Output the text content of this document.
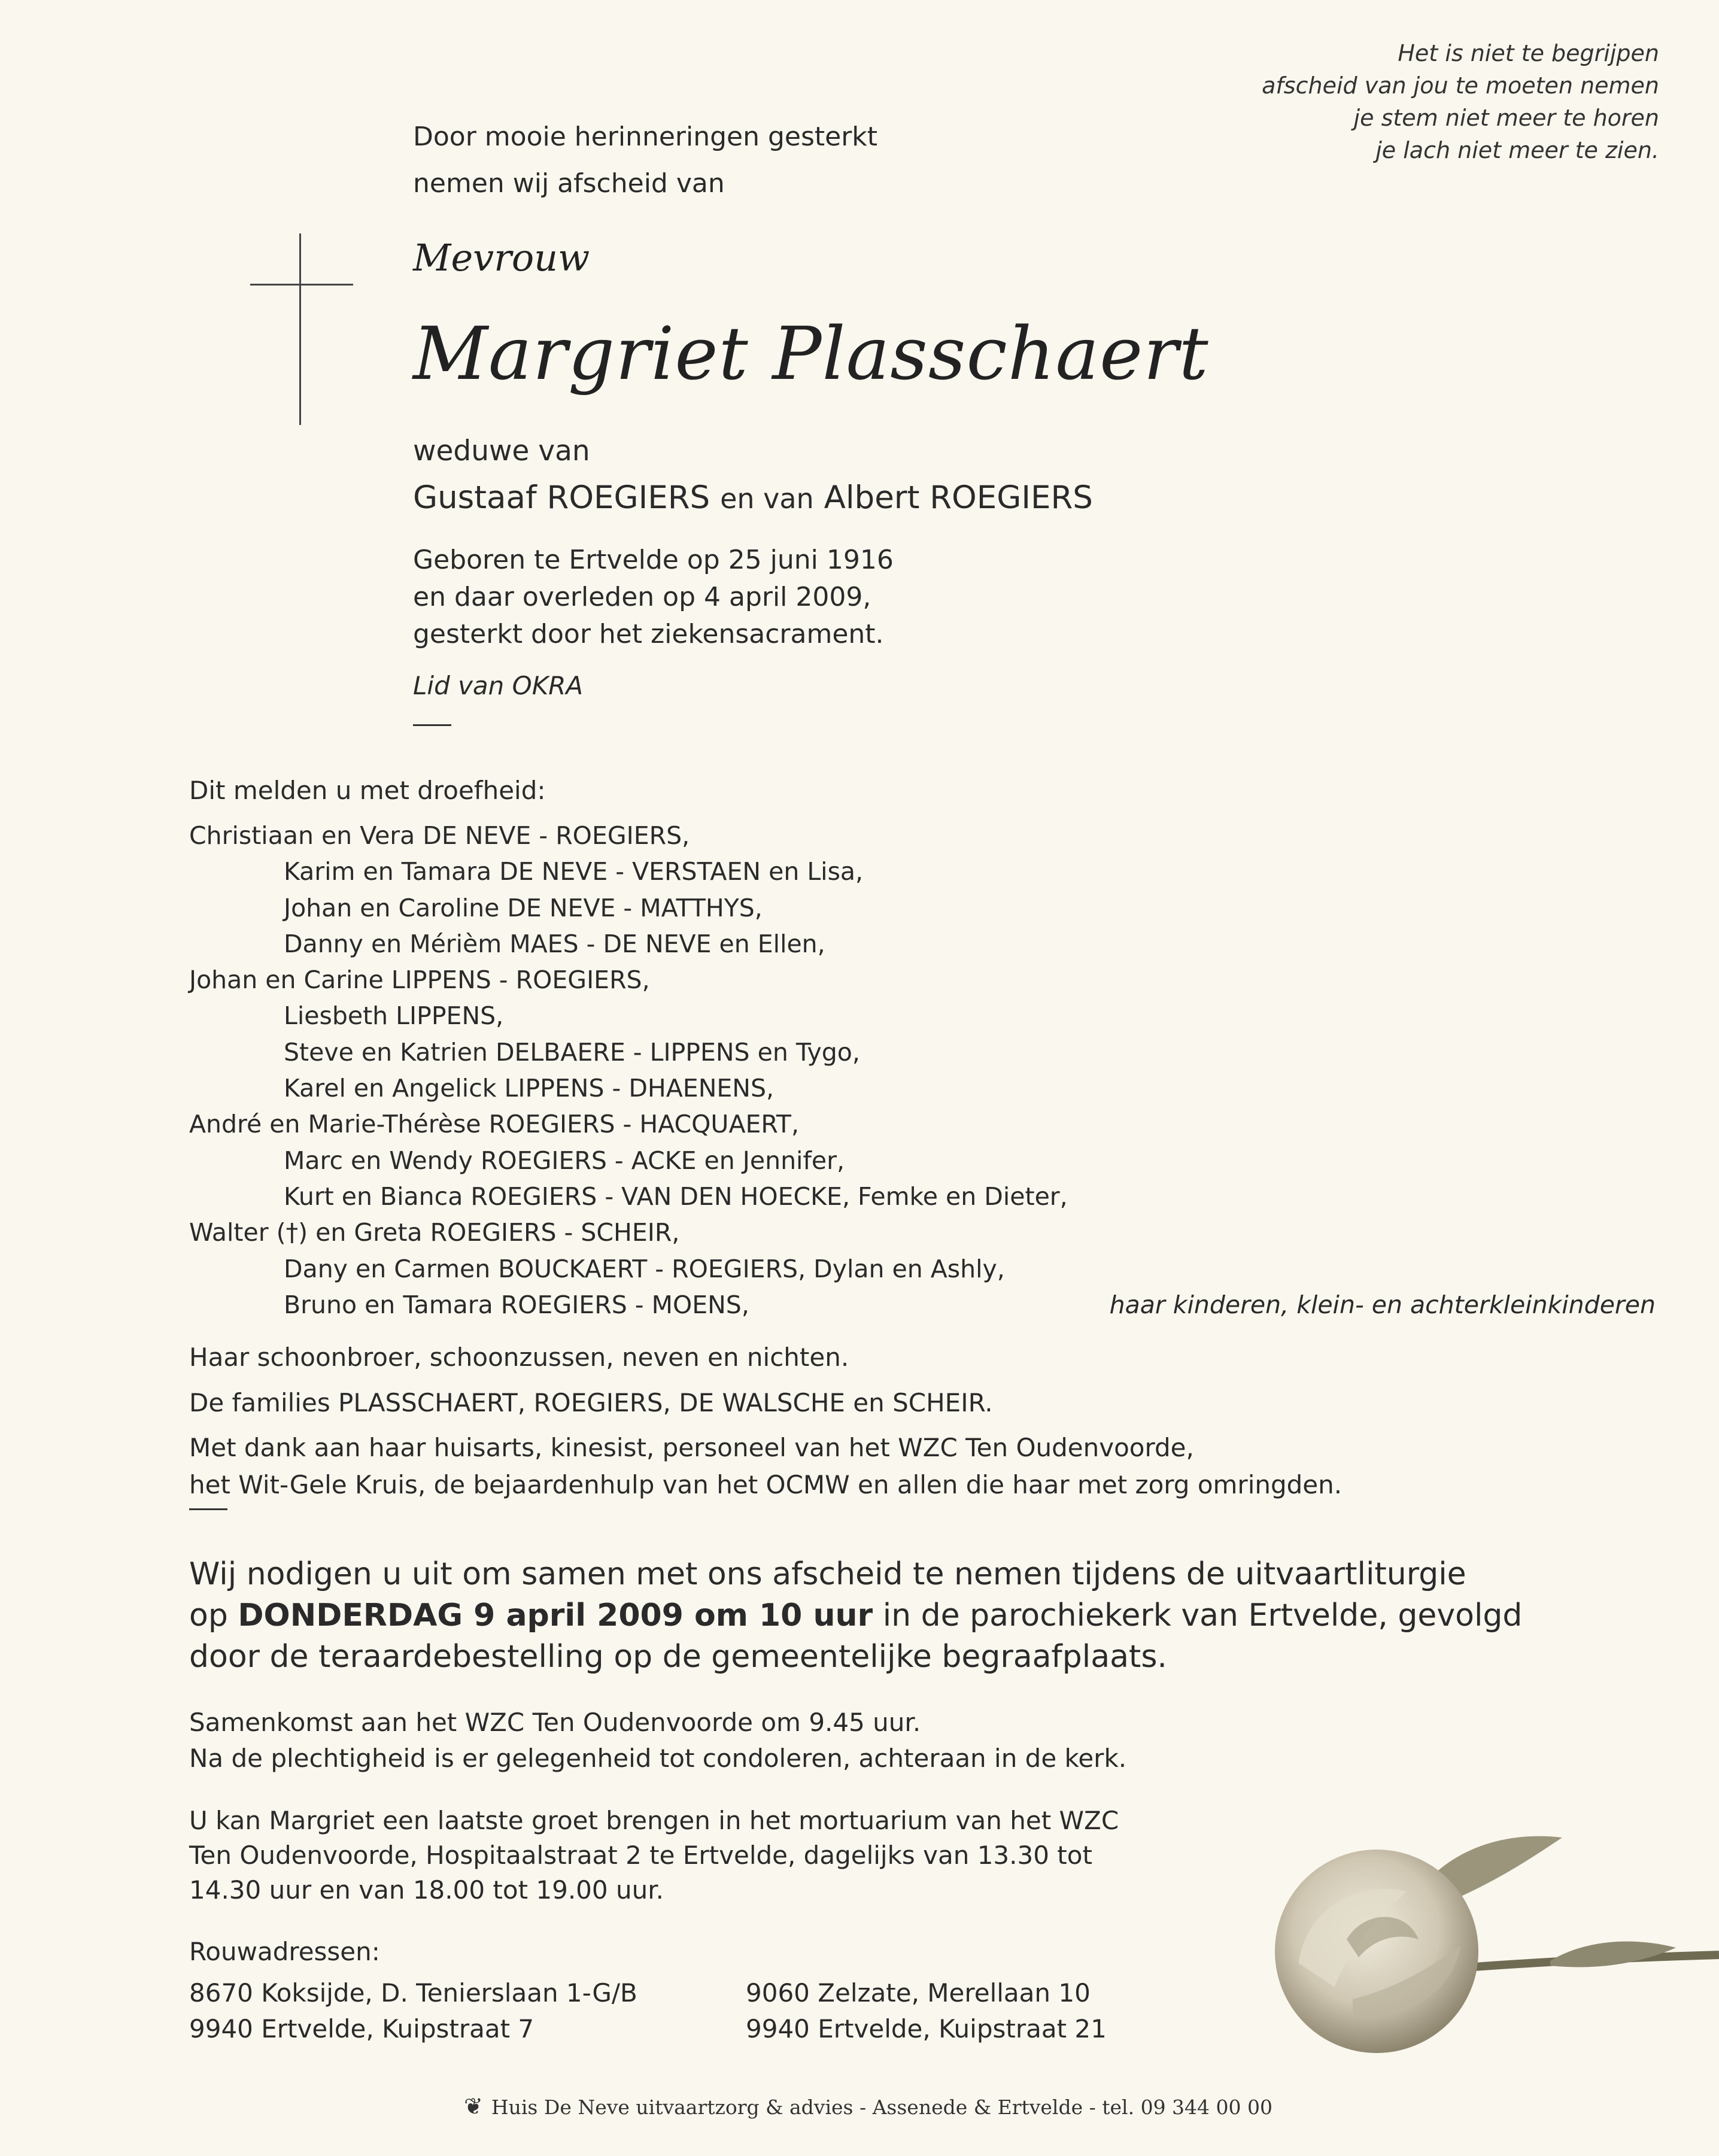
Het is niet te begrijpen
afscheid van jou te moeten nemen
je stem niet meer te horen
je lach niet meer te zien.
Door mooie herinneringen gesterkt
nemen wij afscheid van
Mevrouw
Margriet Plasschaert
weduwe van
Gustaaf ROEGIERS en van Albert ROEGIERS
Geboren te Ertvelde op 25 juni 1916
en daar overleden op 4 april 2009,
gesterkt door het ziekensacrament.
Lid van OKRA
Dit melden u met droefheid:
Christiaan en Vera DE NEVE - ROEGIERS,
Karim en Tamara DE NEVE - VERSTAEN en Lisa,
Johan en Caroline DE NEVE - MATTHYS,
Danny en Mérièm MAES - DE NEVE en Ellen,
Johan en Carine LIPPENS - ROEGIERS,
Liesbeth LIPPENS,
Steve en Katrien DELBAERE - LIPPENS en Tygo,
Karel en Angelick LIPPENS - DHAENENS,
André en Marie-Thérèse ROEGIERS - HACQUAERT,
Marc en Wendy ROEGIERS - ACKE en Jennifer,
Kurt en Bianca ROEGIERS - VAN DEN HOECKE, Femke en Dieter,
Walter (†) en Greta ROEGIERS - SCHEIR,
Dany en Carmen BOUCKAERT - ROEGIERS, Dylan en Ashly,
Bruno en Tamara ROEGIERS - MOENS,	haar kinderen, klein- en achterkleinkinderen
Haar schoonbroer, schoonzussen, neven en nichten.
De families PLASSCHAERT, ROEGIERS, DE WALSCHE en SCHEIR.
Met dank aan haar huisarts, kinesist, personeel van het WZC Ten Oudenvoorde,
het Wit-Gele Kruis, de bejaardenhulp van het OCMW en allen die haar met zorg omringden.
Wij nodigen u uit om samen met ons afscheid te nemen tijdens de uitvaartliturgie
op DONDERDAG 9 april 2009 om 10 uur in de parochiekerk van Ertvelde, gevolgd
door de teraardebestelling op de gemeentelijke begraafplaats.
Samenkomst aan het WZC Ten Oudenvoorde om 9.45 uur.
Na de plechtigheid is er gelegenheid tot condoleren, achteraan in de kerk.
U kan Margriet een laatste groet brengen in het mortuarium van het WZC
Ten Oudenvoorde, Hospitaalstraat 2 te Ertvelde, dagelijks van 13.30 tot
14.30 uur en van 18.00 tot 19.00 uur.
Rouwadressen:
8670 Koksijde, D. Tenierslaan 1-G/B
9940 Ertvelde, Kuipstraat 7
9060 Zelzate, Merellaan 10
9940 Ertvelde, Kuipstraat 21
❦ Huis De Neve uitvaartzorg & advies - Assenede & Ertvelde - tel. 09 344 00 00
